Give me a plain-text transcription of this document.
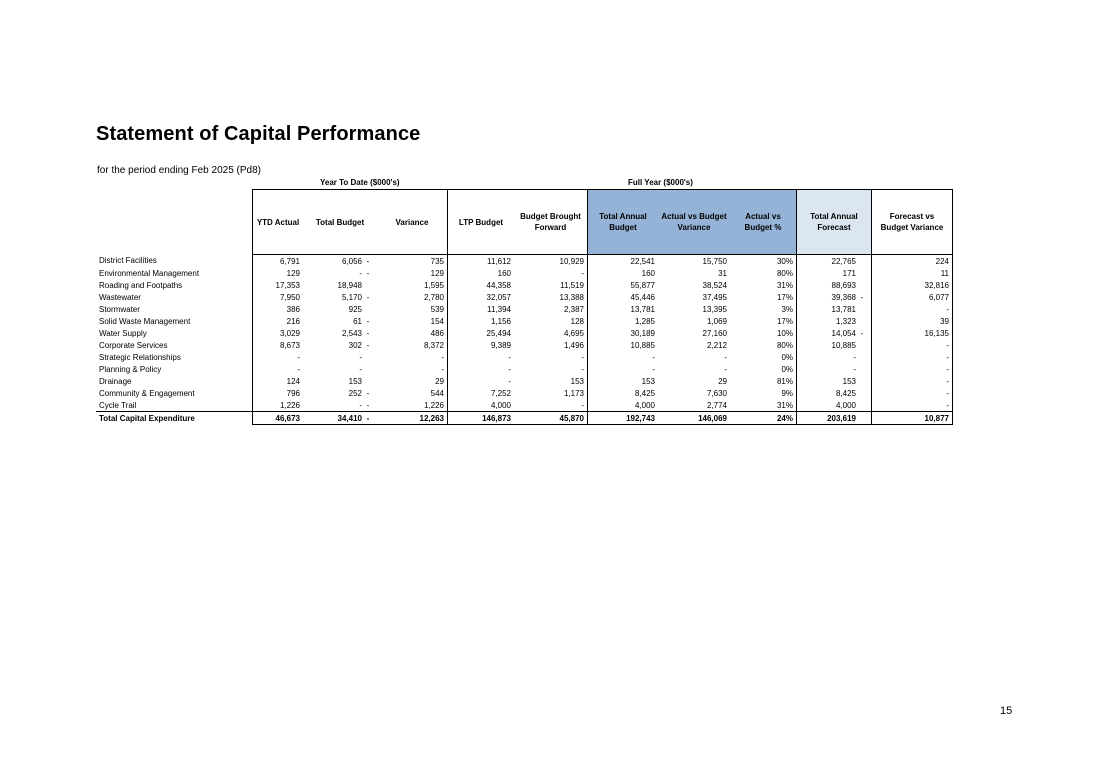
Statement of Capital Performance
for the period ending Feb 2025 (Pd8)
Year To Date ($000's)	Full Year ($000's)
	YTD Actual	Total Budget	Variance	LTP Budget	Budget Brought Forward	Total Annual Budget	Actual vs Budget Variance	Actual vs Budget %	Total Annual Forecast	Forecast vs Budget Variance
District Facilities	6,791	6,056 -	735	11,612	10,929	22,541	15,750	30%	22,765	224
Environmental Management	129	- -	129	160	-	160	31	80%	171	11
Roading and Footpaths	17,353	18,948	1,595	44,358	11,519	55,877	38,524	31%	88,693	32,816
Wastewater	7,950	5,170 -	2,780	32,057	13,388	45,446	37,495	17%	39,368 -	6,077
Stormwater	386	925	539	11,394	2,387	13,781	13,395	3%	13,781	-
Solid Waste Management	216	61 -	154	1,156	128	1,285	1,069	17%	1,323	39
Water Supply	3,029	2,543 -	486	25,494	4,695	30,189	27,160	10%	14,054 -	16,135
Corporate Services	8,673	302 -	8,372	9,389	1,496	10,885	2,212	80%	10,885	-
Strategic Relationships	-	-	-	-	-	-	-	0%	-	-
Planning & Policy	-	-	-	-	-	-	-	0%	-	-
Drainage	124	153	29	-	153	153	29	81%	153	-
Community & Engagement	796	252 -	544	7,252	1,173	8,425	7,630	9%	8,425	-
Cycle Trail	1,226	- -	1,226	4,000	-	4,000	2,774	31%	4,000	-
Total Capital Expenditure	46,673	34,410 -	12,263	146,873	45,870	192,743	146,069	24%	203,619	10,877
15
